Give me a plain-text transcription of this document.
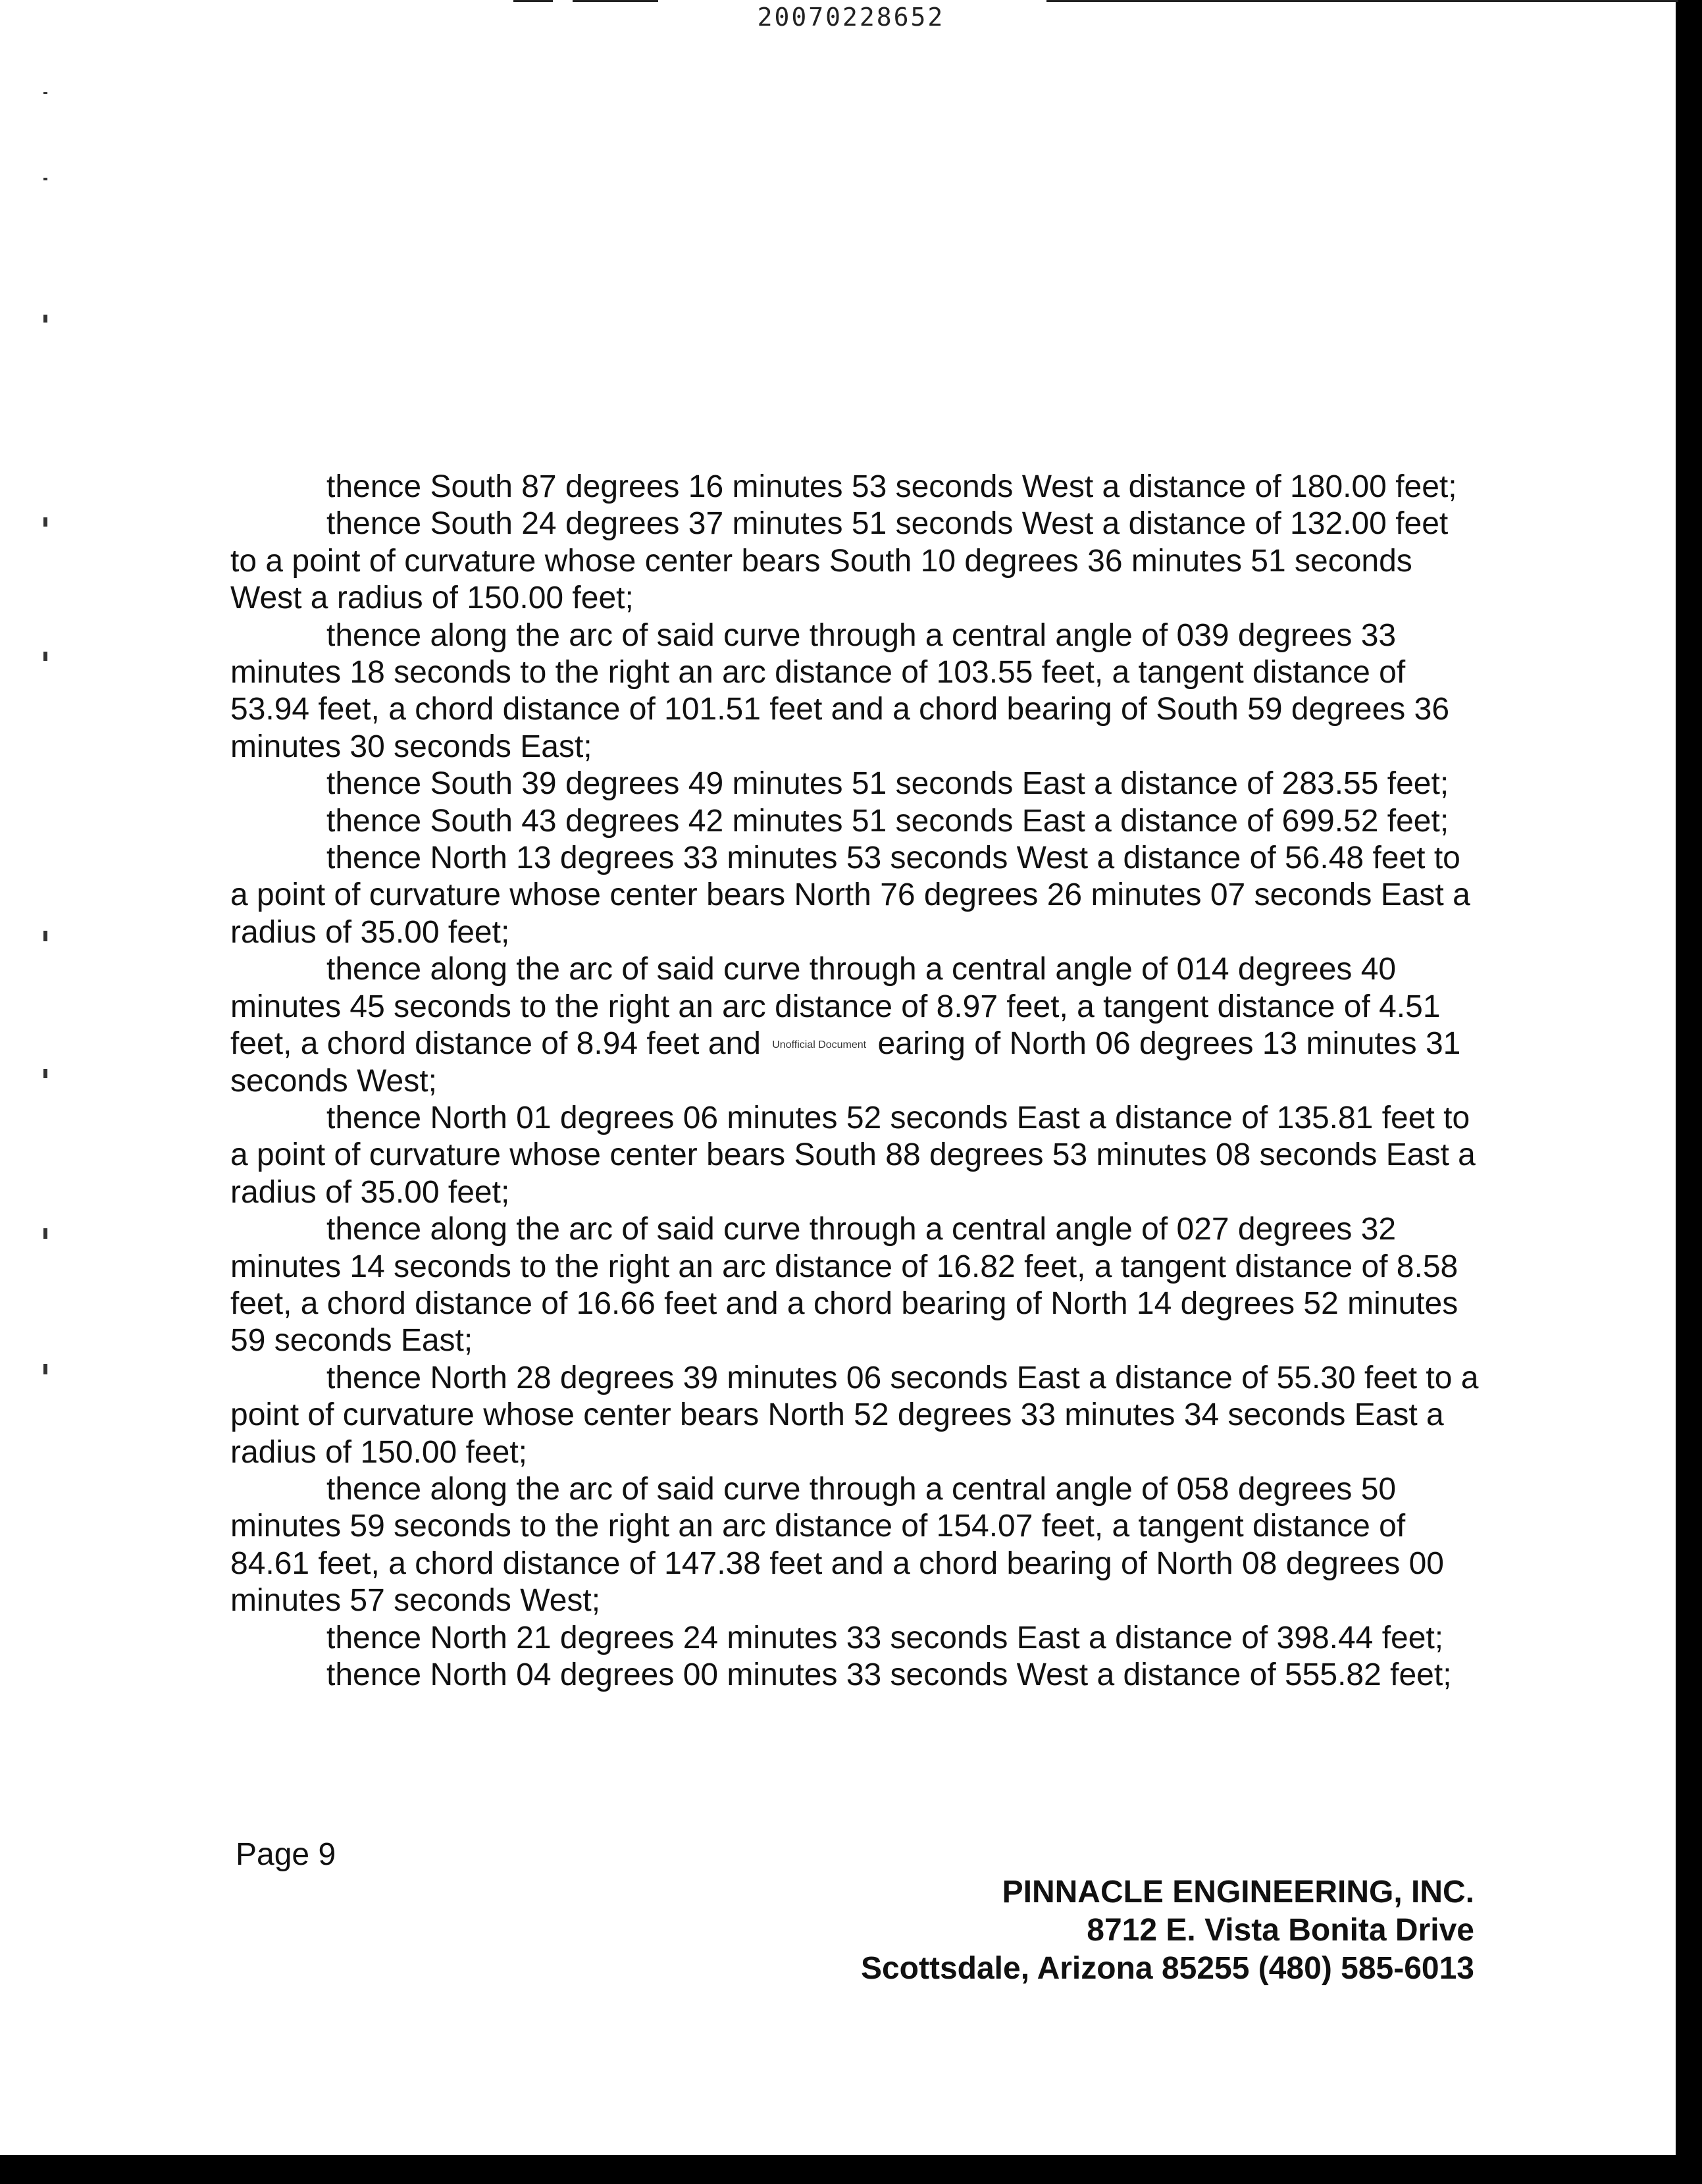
20070228652

thence South 87 degrees 16 minutes 53 seconds West a distance of 180.00 feet;

thence South 24 degrees 37 minutes 51 seconds West a distance of 132.00 feet to a point of curvature whose center bears South 10 degrees 36 minutes 51 seconds West a radius of 150.00 feet;

thence along the arc of said curve through a central angle of 039 degrees 33 minutes 18 seconds to the right an arc distance of 103.55 feet, a tangent distance of 53.94 feet, a chord distance of 101.51 feet and a chord bearing of South 59 degrees 36 minutes 30 seconds East;

thence South 39 degrees 49 minutes 51 seconds East a distance of 283.55 feet;

thence South 43 degrees 42 minutes 51 seconds East a distance of 699.52 feet;

thence North 13 degrees 33 minutes 53 seconds West a distance of 56.48 feet to a point of curvature whose center bears North 76 degrees 26 minutes 07 seconds East a radius of 35.00 feet;

thence along the arc of said curve through a central angle of 014 degrees 40 minutes 45 seconds to the right an arc distance of 8.97 feet, a tangent distance of 4.51 feet, a chord distance of 8.94 feet and Unofficial Document earing of North 06 degrees 13 minutes 31 seconds West;

thence North 01 degrees 06 minutes 52 seconds East a distance of 135.81 feet to a point of curvature whose center bears South 88 degrees 53 minutes 08 seconds East a radius of 35.00 feet;

thence along the arc of said curve through a central angle of 027 degrees 32 minutes 14 seconds to the right an arc distance of 16.82 feet, a tangent distance of 8.58 feet, a chord distance of 16.66 feet and a chord bearing of North 14 degrees 52 minutes 59 seconds East;

thence North 28 degrees 39 minutes 06 seconds East a distance of 55.30 feet to a point of curvature whose center bears North 52 degrees 33 minutes 34 seconds East a radius of 150.00 feet;

thence along the arc of said curve through a central angle of 058 degrees 50 minutes 59 seconds to the right an arc distance of 154.07 feet, a tangent distance of 84.61 feet, a chord distance of 147.38 feet and a chord bearing of North 08 degrees 00 minutes 57 seconds West;

thence North 21 degrees 24 minutes 33 seconds East a distance of 398.44 feet;

thence North 04 degrees 00 minutes 33 seconds West a distance of 555.82 feet;

Page 9
PINNACLE ENGINEERING, INC.
8712 E. Vista Bonita Drive
Scottsdale, Arizona 85255 (480) 585-6013
